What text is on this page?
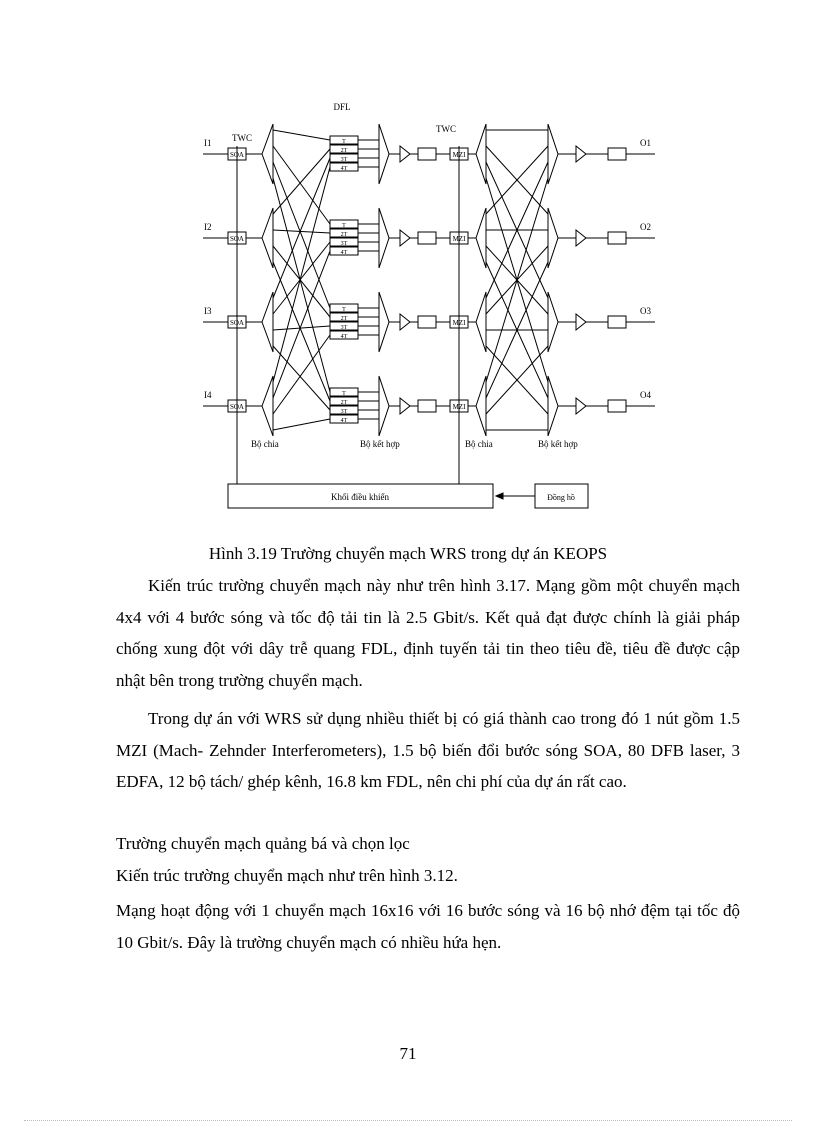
DFL
TWC
TWC
I1
I2
I3
I4
O1
O2
O3
O4
Bộ chia	Bộ kết hợp	Bộ chia	Bộ kết hợp
Khối điều khiển	Đồng hồ
SOA
T
2T
3T
4T
MZI
SOA
T
2T
3T
4T
MZI
SOA
T
2T
3T
4T
MZI
SOA
T
2T
3T
4T
MZI
Hình 3.19 Trường chuyển mạch WRS trong dự án KEOPS

Kiến trúc trường chuyển mạch này như trên hình 3.17. Mạng gồm một chuyển mạch 4x4 với 4 bước sóng và tốc độ tải tin là 2.5 Gbit/s. Kết quả đạt được chính là giải pháp chống xung đột với dây trễ quang FDL, định tuyến tải tin theo tiêu đề, tiêu đề được cập nhật bên trong trường chuyển mạch.

Trong dự án với WRS sử dụng nhiều thiết bị có giá thành cao trong đó 1 nút gồm 1.5 MZI (Mach- Zehnder Interferometers), 1.5 bộ biến đổi bước sóng SOA, 80 DFB laser, 3 EDFA, 12 bộ tách/ ghép kênh, 16.8 km FDL, nên chi phí của dự án rất cao.

Trường chuyển mạch quảng bá và chọn lọc

Kiến trúc trường chuyển mạch như trên hình 3.12.

Mạng hoạt động với 1 chuyển mạch 16x16 với 16 bước sóng và 16 bộ nhớ đệm tại tốc độ 10 Gbit/s. Đây là trường chuyển mạch có nhiều hứa hẹn.

71
